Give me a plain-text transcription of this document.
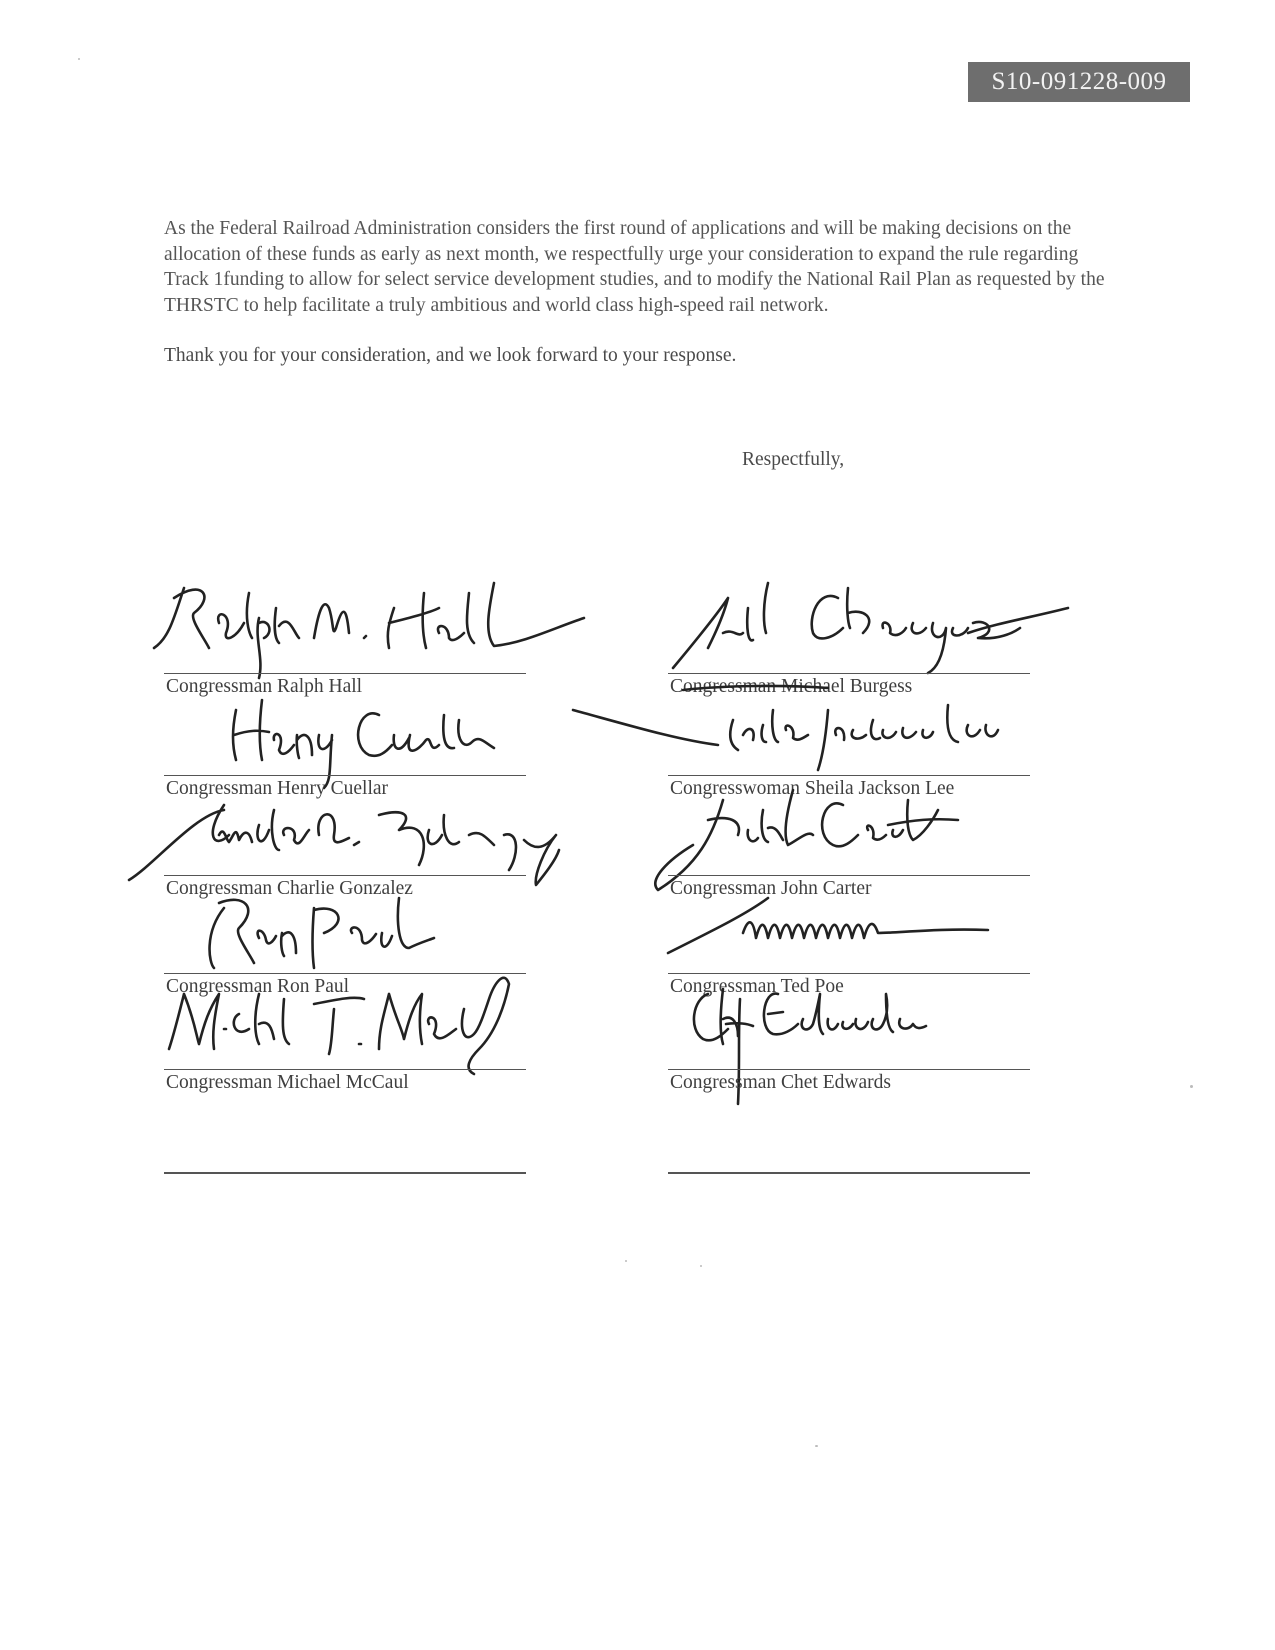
S10-091228-009

As the Federal Railroad Administration considers the first round of applications and will be making decisions on the allocation of these funds as early as next month, we respectfully urge your consideration to expand the rule regarding Track 1funding to allow for select service development studies, and to modify the National Rail Plan as requested by the THRSTC to help facilitate a truly ambitious and world class high-speed rail network.

Thank you for your consideration, and we look forward to your response.

Respectfully,
Congressman Ralph Hall
Congressman Henry Cuellar
Congressman Charlie Gonzalez
Congressman Ron Paul
Congressman Michael McCaul
Congressman Michael Burgess
Congresswoman Sheila Jackson Lee
Congressman John Carter
Congressman Ted Poe
Congressman Chet Edwards
